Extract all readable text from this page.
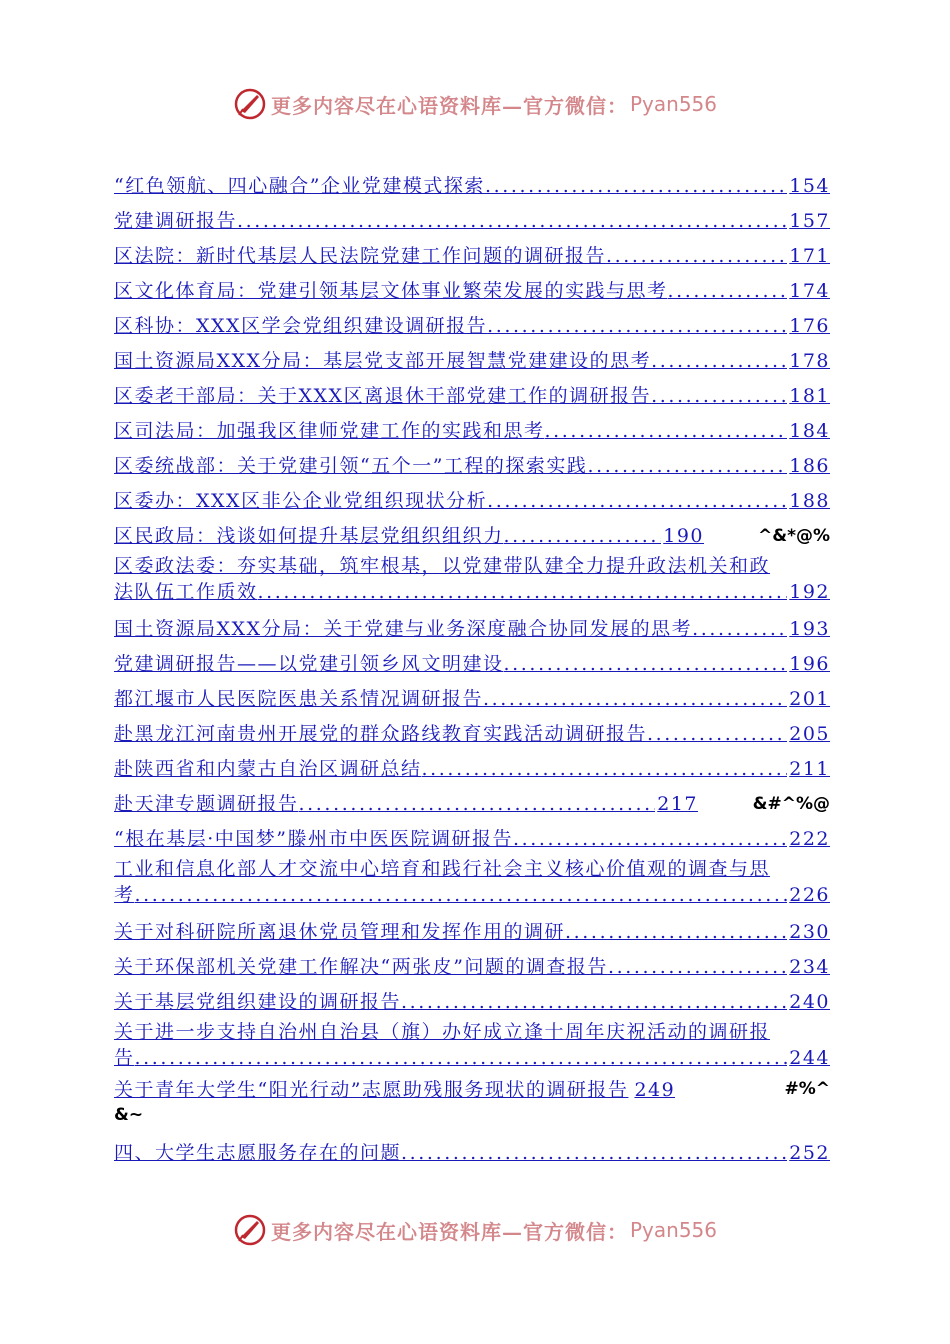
更多内容尽在心语资料库—官方微信： Pyan556
“红色领航、四心融合”企业党建模式探索 .....	154
党建调研报告 .....	157
区法院：新时代基层人民法院党建工作问题的调研报告 .....	171
区文化体育局：党建引领基层文体事业繁荣发展的实践与思考 .....	174
区科协：XXX区学会党组织建设调研报告 .....	176
国土资源局XXX分局：基层党支部开展智慧党建建设的思考 .....	178
区委老干部局：关于XXX区离退休干部党建工作的调研报告 .....	181
区司法局：加强我区律师党建工作的实践和思考 .....	184
区委统战部：关于党建引领“五个一”工程的探索实践 .....	186
区委办：XXX区非公企业党组织现状分析 .....	188
区民政局：浅谈如何提升基层党组织组织力 .....	190	^&*@%
区委政法委：夯实基础，筑牢根基，以党建带队建全力提升政法机关和政
法队伍工作质效 .....	192
国土资源局XXX分局：关于党建与业务深度融合协同发展的思考 .....	193
党建调研报告——以党建引领乡风文明建设 .....	196
都江堰市人民医院医患关系情况调研报告 .....	201
赴黑龙江河南贵州开展党的群众路线教育实践活动调研报告 .....	205
赴陕西省和内蒙古自治区调研总结 .....	211
赴天津专题调研报告 .....	217	&#^%@
“根在基层·中国梦”滕州市中医医院调研报告 .....	222
工业和信息化部人才交流中心培育和践行社会主义核心价值观的调查与思
考 .....	226
关于对科研院所离退休党员管理和发挥作用的调研 .....	230
关于环保部机关党建工作解决“两张皮”问题的调查报告 .....	234
关于基层党组织建设的调研报告 .....	240
关于进一步支持自治州自治县（旗）办好成立逢十周年庆祝活动的调研报
告 .....	244
关于青年大学生“阳光行动”志愿助残服务现状的调研报告 249	#%^
&~
四、大学生志愿服务存在的问题 .....	252
更多内容尽在心语资料库—官方微信： Pyan556
